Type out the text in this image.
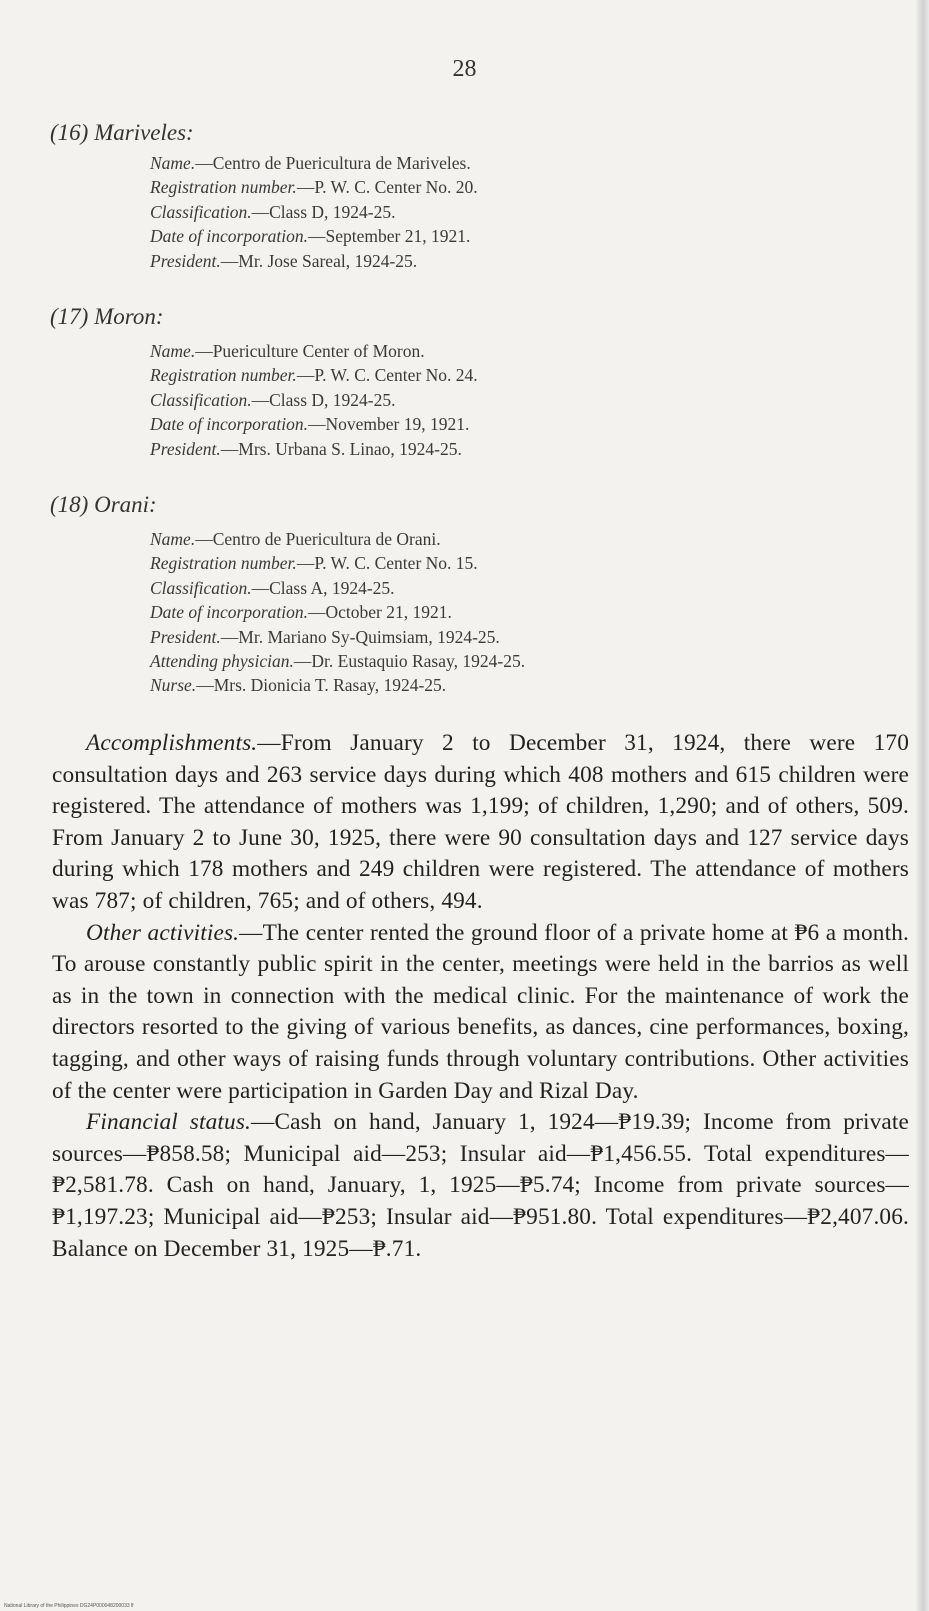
28
(16) Mariveles:
Name.—Centro de Puericultura de Mariveles.
Registration number.—P. W. C. Center No. 20.
Classification.—Class D, 1924-25.
Date of incorporation.—September 21, 1921.
President.—Mr. Jose Sareal, 1924-25.
(17) Moron:
Name.—Puericulture Center of Moron.
Registration number.—P. W. C. Center No. 24.
Classification.—Class D, 1924-25.
Date of incorporation.—November 19, 1921.
President.—Mrs. Urbana S. Linao, 1924-25.
(18) Orani:
Name.—Centro de Puericultura de Orani.
Registration number.—P. W. C. Center No. 15.
Classification.—Class A, 1924-25.
Date of incorporation.—October 21, 1921.
President.—Mr. Mariano Sy-Quimsiam, 1924-25.
Attending physician.—Dr. Eustaquio Rasay, 1924-25.
Nurse.—Mrs. Dionicia T. Rasay, 1924-25.

Accomplishments.—From January 2 to December 31, 1924, there were 170 consultation days and 263 service days during which 408 mothers and 615 children were registered. The attendance of mothers was 1,199; of children, 1,290; and of others, 509. From January 2 to June 30, 1925, there were 90 consultation days and 127 service days during which 178 mothers and 249 children were registered. The attendance of mothers was 787; of children, 765; and of others, 494.

Other activities.—The center rented the ground floor of a private home at ₱6 a month. To arouse constantly public spirit in the center, meetings were held in the barrios as well as in the town in connection with the medical clinic. For the maintenance of work the directors resorted to the giving of various benefits, as dances, cine performances, boxing, tagging, and other ways of raising funds through voluntary contributions. Other activities of the center were participation in Garden Day and Rizal Day.

Financial status.—Cash on hand, January 1, 1924—₱19.39; Income from private sources—₱858.58; Municipal aid—253; Insular aid—₱1,456.55. Total expenditures—₱2,581.78. Cash on hand, January, 1, 1925—₱5.74; Income from private sources—₱1,197.23; Municipal aid—₱253; Insular aid—₱951.80. Total expenditures—₱2,407.06. Balance on December 31, 1925—₱.71.

National Library of the Philippines DG24P000048200033 lf
